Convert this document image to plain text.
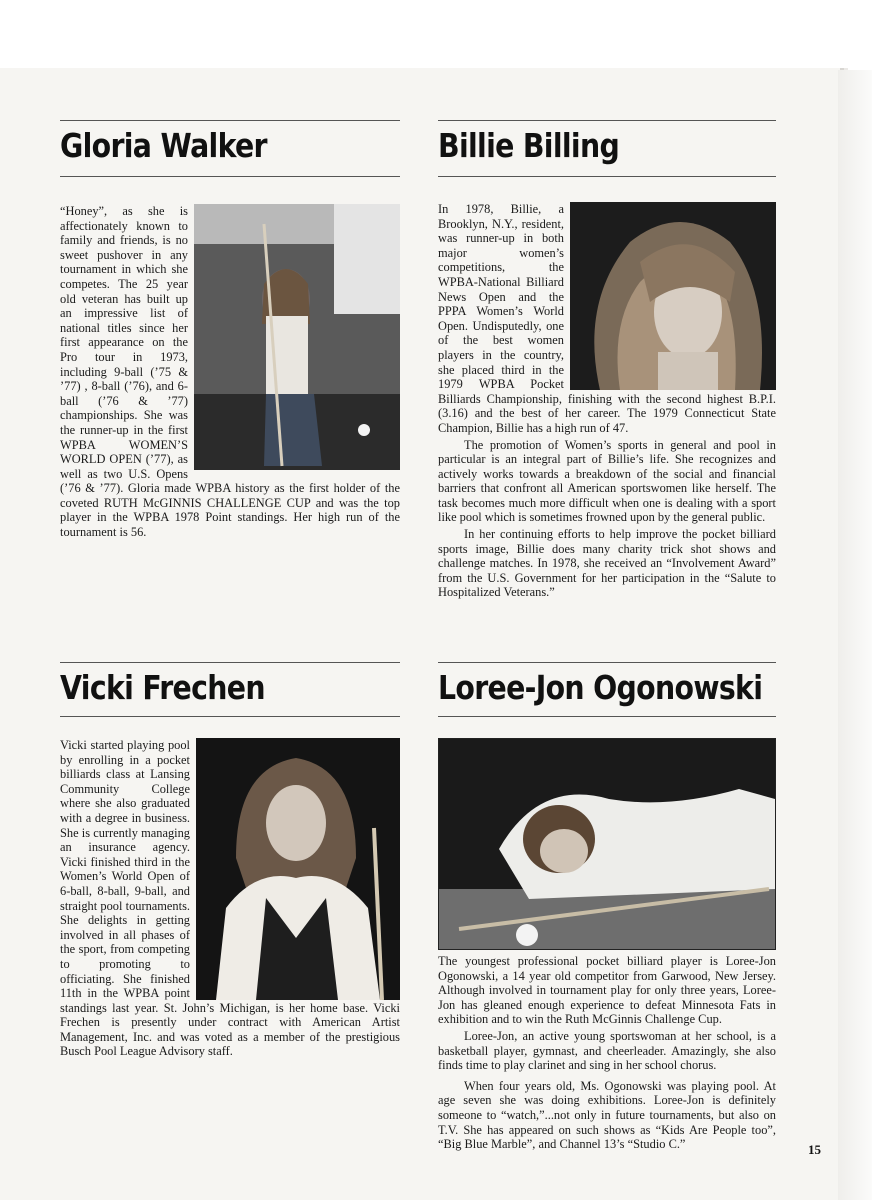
Gloria Walker

“Honey”, as she is affectionately known to family and friends, is no sweet pushover in any tournament in which she competes. The 25 year old veteran has built up an impressive list of national titles since her first appearance on the Pro tour in 1973, including 9-ball (’75 & ’77) , 8-ball (’76), and 6-ball (’76 & ’77) championships. She was the runner-up in the first WPBA WOMEN’S WORLD OPEN (’77), as well as two U.S. Opens (’76 & ’77). Gloria made WPBA history as the first holder of the coveted RUTH McGINNIS CHALLENGE CUP and was the top player in the WPBA 1978 Point standings. Her high run of the tournament is 56.

Billie Billing

In 1978, Billie, a Brooklyn, N.Y., resident, was runner-up in both major women’s competitions, the WPBA-National Billiard News Open and the PPPA Women’s World Open. Undisputedly, one of the best women players in the country, she placed third in the 1979 WPBA Pocket Billiards Championship, finishing with the second highest B.P.I. (3.16) and the best of her career. The 1979 Connecticut State Champion, Billie has a high run of 47.

The promotion of Women’s sports in general and pool in particular is an integral part of Billie’s life. She recognizes and actively works towards a breakdown of the social and financial barriers that confront all American sportswomen like herself. The task becomes much more difficult when one is dealing with a sport like pool which is sometimes frowned upon by the general public.

In her continuing efforts to help improve the pocket billiard sports image, Billie does many charity trick shot shows and challenge matches. In 1978, she received an “Involvement Award” from the U.S. Government for her participation in the “Salute to Hospitalized Veterans.”

Vicki Frechen

Vicki started playing pool by enrolling in a pocket billiards class at Lansing Community College where she also graduated with a degree in business. She is currently managing an insurance agency. Vicki finished third in the Women’s World Open of 6-ball, 8-ball, 9-ball, and straight pool tournaments. She delights in getting involved in all phases of the sport, from competing to promoting to officiating. She finished 11th in the WPBA point standings last year. St. John’s Michigan, is her home base. Vicki Frechen is presently under contract with American Artist Management, Inc. and was voted as a member of the prestigious Busch Pool League Advisory staff.

Loree-Jon Ogonowski

The youngest professional pocket billiard player is Loree-Jon Ogonowski, a 14 year old competitor from Garwood, New Jersey. Although involved in tournament play for only three years, Loree-Jon has gleaned enough experience to defeat Minnesota Fats in exhibition and to win the Ruth McGinnis Challenge Cup.

Loree-Jon, an active young sportswoman at her school, is a basketball player, gymnast, and cheerleader. Amazingly, she also finds time to play clarinet and sing in her school chorus.

When four years old, Ms. Ogonowski was playing pool. At age seven she was doing exhibitions. Loree-Jon is definitely someone to “watch,”...not only in future tournaments, but also on T.V. She has appeared on such shows as “Kids Are People too”, “Big Blue Marble”, and Channel 13’s “Studio C.”	15
